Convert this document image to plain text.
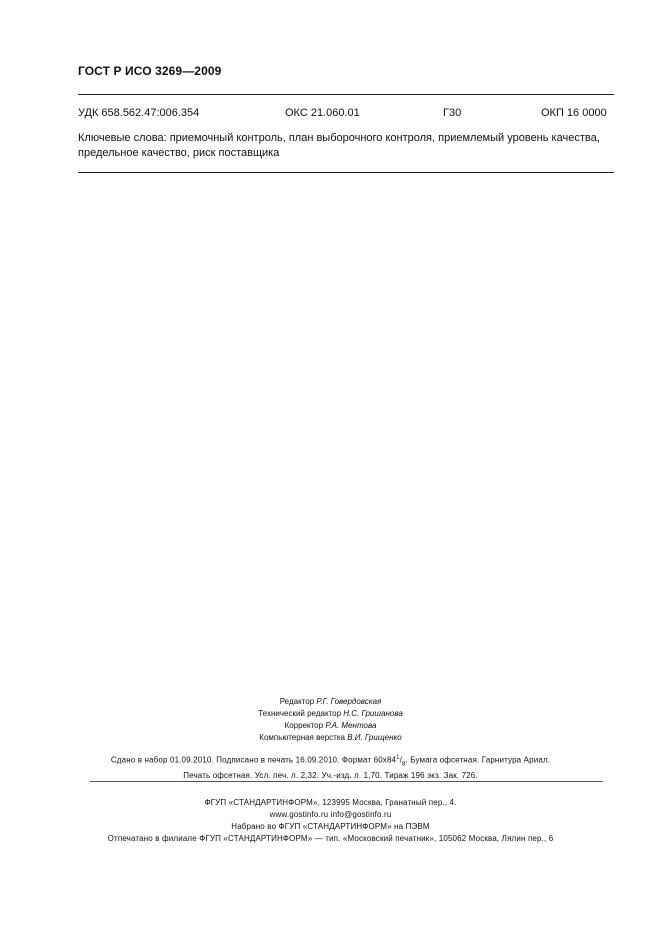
ГОСТ Р ИСО 3269—2009
УДК 658.562.47:006.354	ОКС 21.060.01	Г30	ОКП 16 0000
Ключевые слова: приемочный контроль, план выборочного контроля, приемлемый уровень качества, предельное качество, риск поставщика
Редактор Р.Г. Говердовская
Технический редактор Н.С. Гришанова
Корректор Р.А. Ментова
Компьютерная верстка В.И. Грищенко
Сдано в набор 01.09.2010. Подписано в печать 16.09.2010. Формат $60x84^1/_8$. Бумага офсетная. Гарнитура Ариал.
Печать офсетная. Усл. печ. л. 2,32. Уч.-изд. л. 1,70. Тираж 196 экз. Зак. 726.
ФГУП «СТАНДАРТИНФОРМ», 123995 Москва, Гранатный пер., 4.
www.gostinfo.ru info@gostinfo.ru
Набрано во ФГУП «СТАНДАРТИНФОРМ» на ПЭВМ
Отпечатано в филиале ФГУП «СТАНДАРТИНФОРМ» — тип. «Московский печатник», 105062 Москва, Лялин пер., 6
